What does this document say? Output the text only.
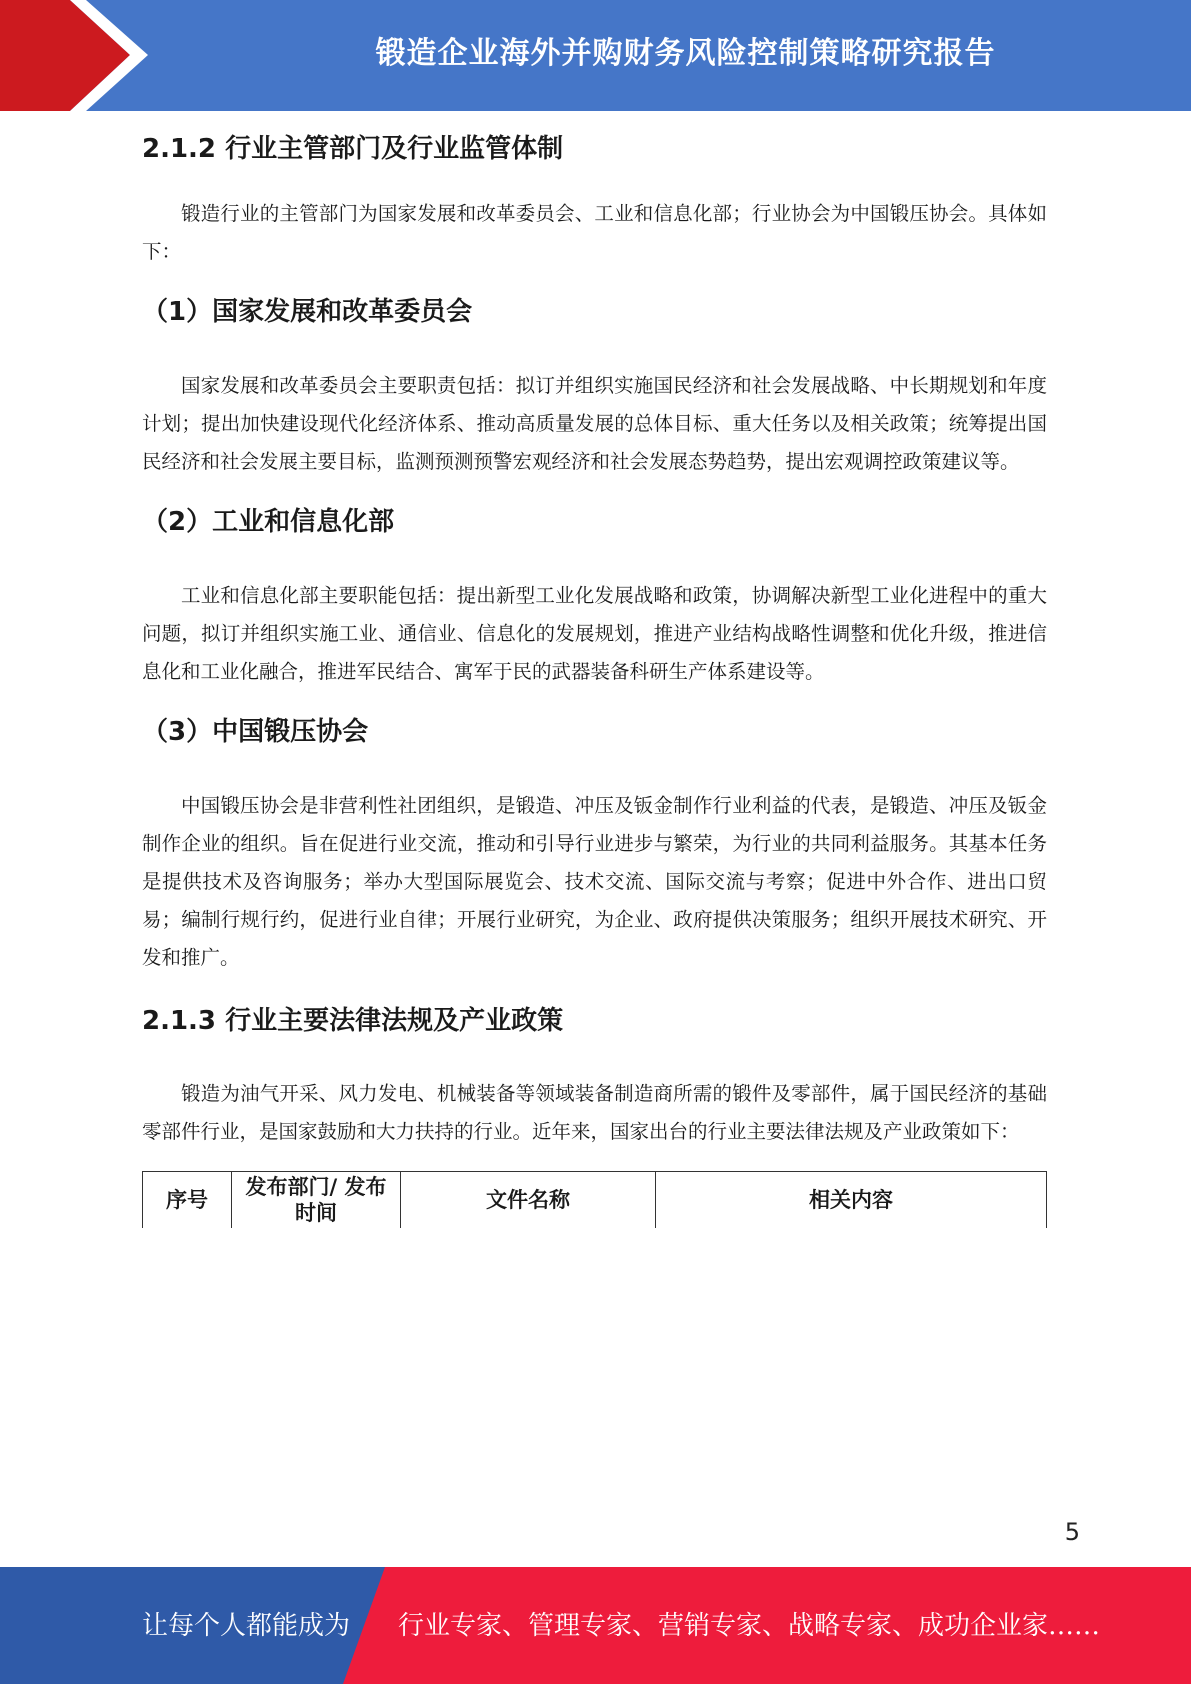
锻造企业海外并购财务风险控制策略研究报告
2.1.2 行业主管部门及行业监管体制

锻造行业的主管部门为国家发展和改革委员会、工业和信息化部；行业协会为中国锻压协会。具体如下：

（1）国家发展和改革委员会

国家发展和改革委员会主要职责包括：拟订并组织实施国民经济和社会发展战略、中长期规划和年度计划；提出加快建设现代化经济体系、推动高质量发展的总体目标、重大任务以及相关政策；统筹提出国民经济和社会发展主要目标，监测预测预警宏观经济和社会发展态势趋势，提出宏观调控政策建议等。

（2）工业和信息化部

工业和信息化部主要职能包括：提出新型工业化发展战略和政策，协调解决新型工业化进程中的重大问题，拟订并组织实施工业、通信业、信息化的发展规划，推进产业结构战略性调整和优化升级，推进信息化和工业化融合，推进军民结合、寓军于民的武器装备科研生产体系建设等。

（3）中国锻压协会

中国锻压协会是非营利性社团组织，是锻造、冲压及钣金制作行业利益的代表，是锻造、冲压及钣金制作企业的组织。旨在促进行业交流，推动和引导行业进步与繁荣，为行业的共同利益服务。其基本任务是提供技术及咨询服务；举办大型国际展览会、技术交流、国际交流与考察；促进中外合作、进出口贸易；编制行规行约，促进行业自律；开展行业研究，为企业、政府提供决策服务；组织开展技术研究、开发和推广。

2.1.3 行业主要法律法规及产业政策

锻造为油气开采、风力发电、机械装备等领域装备制造商所需的锻件及零部件，属于国民经济的基础零部件行业，是国家鼓励和大力扶持的行业。近年来，国家出台的行业主要法律法规及产业政策如下：

序号	发布部门/ 发布时间	文件名称	相关内容
5
让每个人都能成为 行业专家、管理专家、营销专家、战略专家、成功企业家……
